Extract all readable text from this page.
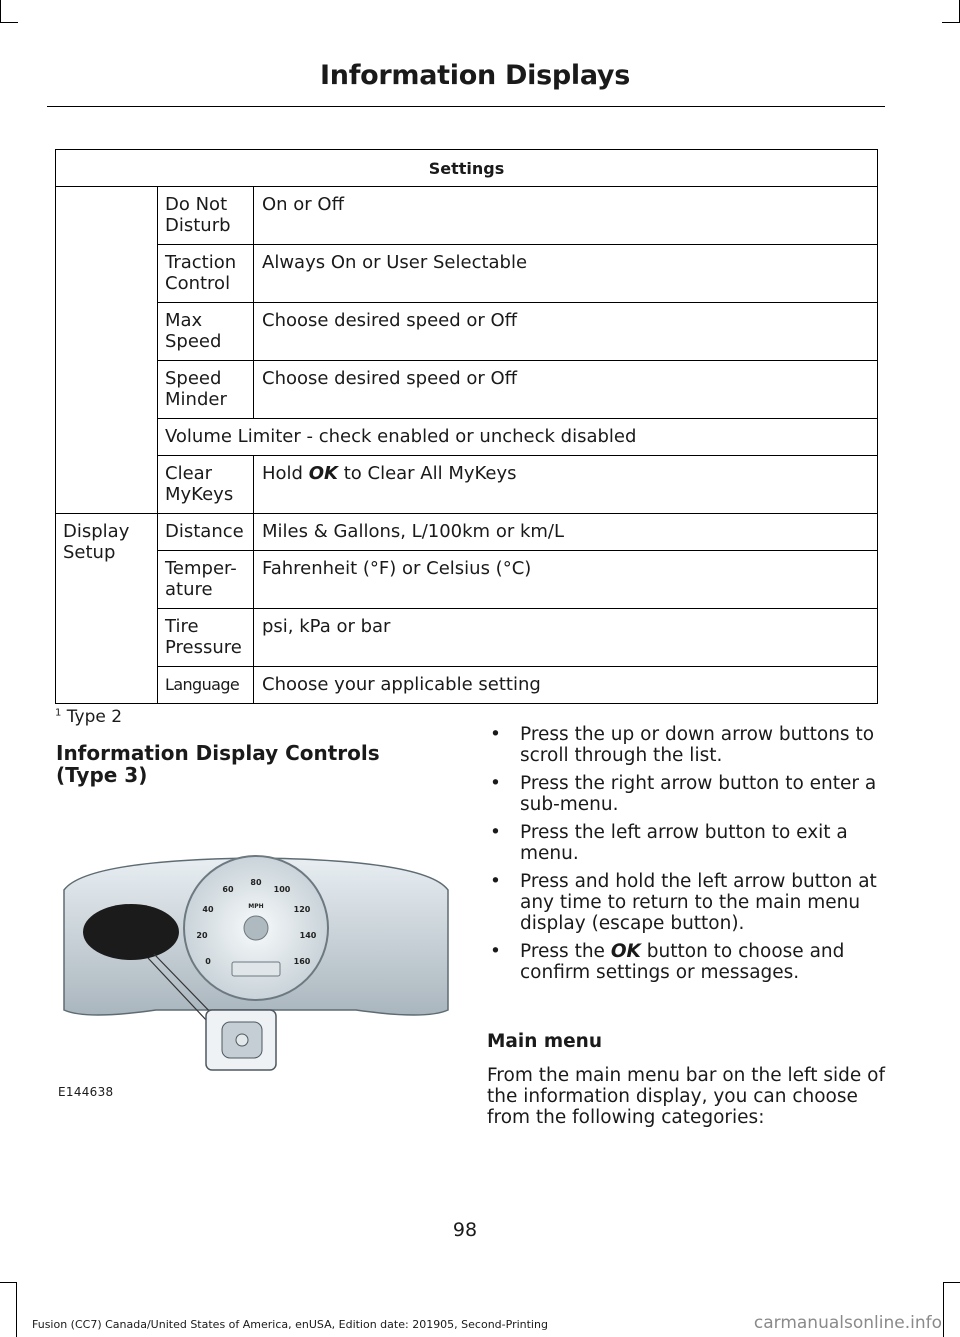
Information Displays
Settings		
	Do Not Disturb	On or Off
	Traction Control	Always On or User Selectable
	Max Speed	Choose desired speed or Off
	Speed Minder	Choose desired speed or Off
	Volume Limiter - check enabled or uncheck disabled	
	Clear MyKeys	Hold OK to Clear All MyKeys
Display Setup	Distance	Miles & Gallons, L/100km or km/L
	Temper-ature	Fahrenheit (°F) or Celsius (°C)
	Tire Pressure	psi, kPa or bar
	Language	Choose your applicable setting
$^1$ Type 2
Information Display Controls (Type 3)
0
20
40
60
80
100
120
140
160
MPH
E144638
• Press the up or down arrow buttons to scroll through the list.
• Press the right arrow button to enter a sub-menu.
• Press the left arrow button to exit a menu.
• Press and hold the left arrow button at any time to return to the main menu display (escape button).
• Press the OK button to choose and confirm settings or messages.
Main menu
From the main menu bar on the left side of the information display, you can choose from the following categories:
98
Fusion (CC7) Canada/United States of America, enUSA, Edition date: 201905, Second-Printing	carmanualsonline.info
